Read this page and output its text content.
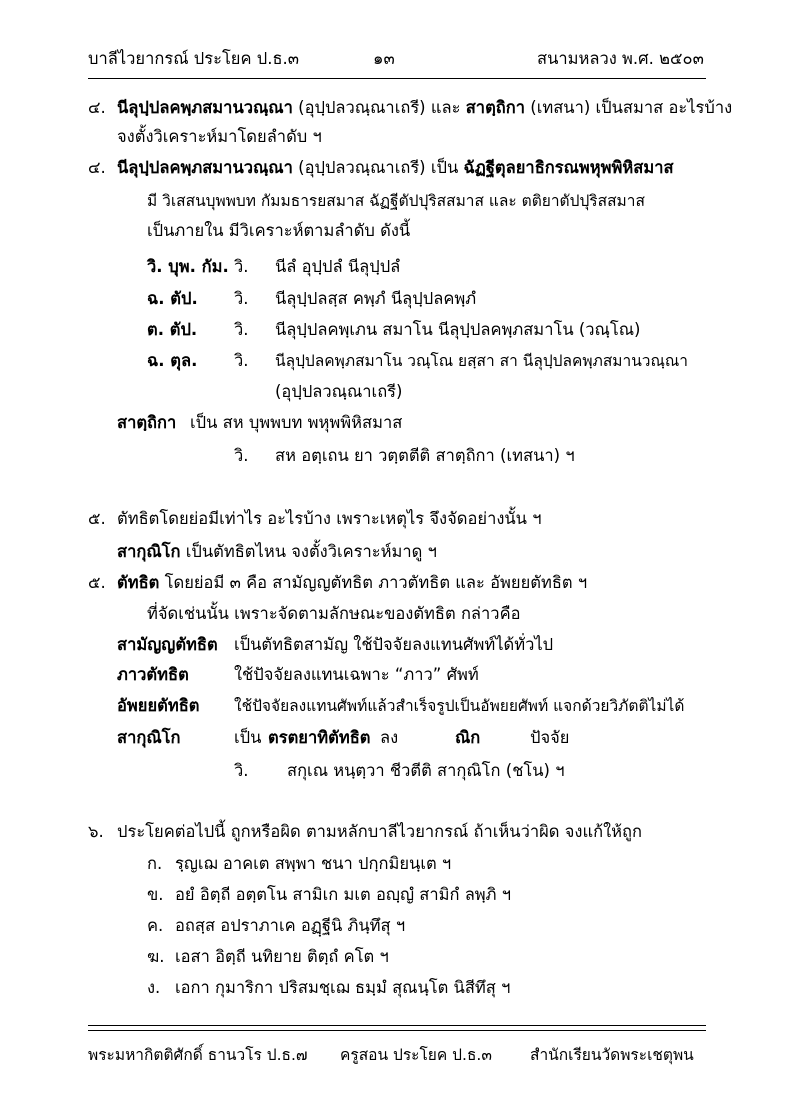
บาลีไวยากรณ์ ประโยค ป.ธ.๓	๑๓	สนามหลวง พ.ศ. ๒๕๐๓
๔. นีลุปฺปลคพฺภสมานวณฺณา (อุปฺปลวณฺณาเถรี) และ สาตฺถิกา (เทสนา) เป็นสมาส อะไรบ้าง
จงตั้งวิเคราะห์มาโดยลำดับ ฯ
๔. นีลุปฺปลคพฺภสมานวณฺณา (อุปฺปลวณฺณาเถรี) เป็น ฉัฏฐีตุลยาธิกรณพหุพพิหิสมาส
มี วิเสสนบุพพบท กัมมธารยสมาส ฉัฏฐีตัปปุริสสมาส และ ตติยาตัปปุริสสมาส
เป็นภายใน มีวิเคราะห์ตามลำดับ ดังนี้
วิ. บุพ. กัม. วิ. นีลํ อุปฺปลํ นีลุปฺปลํ
ฉ. ตัป. วิ. นีลุปฺปลสฺส คพฺภํ นีลุปฺปลคพฺภํ
ต. ตัป. วิ. นีลุปฺปลคพฺเภน สมาโน นีลุปฺปลคพฺภสมาโน (วณฺโณ)
ฉ. ตุล. วิ. นีลุปฺปลคพฺภสมาโน วณฺโณ ยสฺสา สา นีลุปฺปลคพฺภสมานวณฺณา
(อุปฺปลวณฺณาเถรี)
สาตฺถิกา เป็น สห บุพพบท พหุพพิหิสมาส
วิ. สห อตฺเถน ยา วตฺตตีติ สาตฺถิกา (เทสนา) ฯ
๕. ตัทธิตโดยย่อมีเท่าไร อะไรบ้าง เพราะเหตุไร จึงจัดอย่างนั้น ฯ
สากุณิโก เป็นตัทธิตไหน จงตั้งวิเคราะห์มาดู ฯ
๕. ตัทธิต โดยย่อมี ๓ คือ สามัญญตัทธิต ภาวตัทธิต และ อัพยยตัทธิต ฯ
ที่จัดเช่นนั้น เพราะจัดตามลักษณะของตัทธิต กล่าวคือ
สามัญญตัทธิต เป็นตัทธิตสามัญ ใช้ปัจจัยลงแทนศัพท์ได้ทั่วไป
ภาวตัทธิต	ใช้ปัจจัยลงแทนเฉพาะ “ภาว” ศัพท์
อัพยยตัทธิต ใช้ปัจจัยลงแทนศัพท์แล้วสำเร็จรูปเป็นอัพยยศัพท์ แจกด้วยวิภัตติไม่ได้
สากุณิโก	เป็น ตรตยาทิตัทธิต ลง	ณิก	ปัจจัย
วิ. สกุเณ หนฺตฺวา ชีวตีติ สากุณิโก (ชโน) ฯ
๖. ประโยคต่อไปนี้ ถูกหรือผิด ตามหลักบาลีไวยากรณ์ ถ้าเห็นว่าผิด จงแก้ให้ถูก
ก. รฺญเฌ อาคเต สพฺพา ชนา ปกฺกมิยนฺเต ฯ
ข. อยํ อิตฺถี อตฺตโน สามิเก มเต อญฺญํ สามิกํ ลพฺภิ ฯ
ค. อถสฺส อปราภาเค อฏฺฐีนิ ภินฺทึสุ ฯ
ฆ. เอสา อิตฺถี นทิยาย ติตฺถํ คโต ฯ
ง. เอกา กุมาริกา ปริสมชฺเฌ ธมฺมํ สุณนฺโต นิสีทึสุ ฯ
พระมหากิตติศักดิ์ ธานวโร ป.ธ.๗ ครูสอน ประโยค ป.ธ.๓ สำนักเรียนวัดพระเชตุพน
